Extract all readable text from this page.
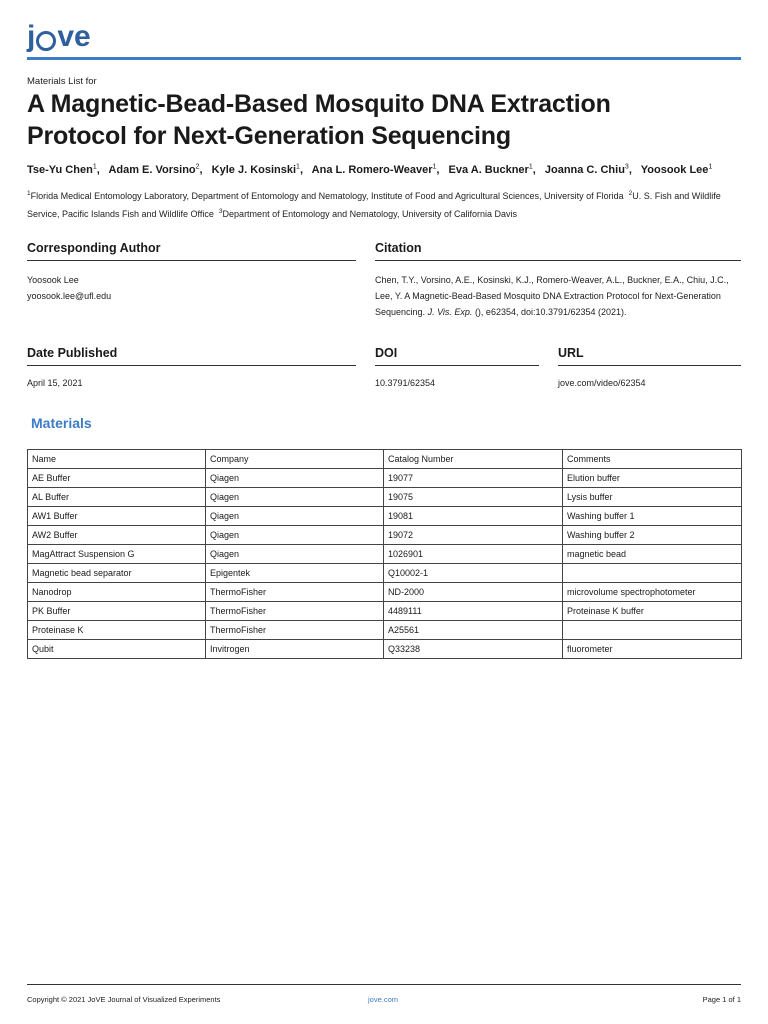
j ve
Materials List for
A Magnetic-Bead-Based Mosquito DNA Extraction
Protocol for Next-Generation Sequencing
Tse-Yu Chen$^1$, Adam E. Vorsino$^2$, Kyle J. Kosinski$^1$, Ana L. Romero-Weaver$^1$, Eva A. Buckner$^1$, Joanna C. Chiu$^3$, Yoosook Lee$^1$
$^1$Florida Medical Entomology Laboratory, Department of Entomology and Nematology, Institute of Food and Agricultural Sciences, University of Florida $^2$U. S. Fish and Wildlife Service, Pacific Islands Fish and Wildlife Office $^3$Department of Entomology and Nematology, University of California Davis
Corresponding Author
Yoosook Lee
yoosook.lee@ufl.edu
Citation
Chen, T.Y., Vorsino, A.E., Kosinski, K.J., Romero-Weaver, A.L., Buckner, E.A., Chiu, J.C., Lee, Y. A Magnetic-Bead-Based Mosquito DNA Extraction Protocol for Next-Generation Sequencing. J. Vis. Exp. (), e62354, doi:10.3791/62354 (2021).
Date Published
April 15, 2021
DOI
10.3791/62354
URL
jove.com/video/62354
Materials
Name	Company	Catalog Number	Comments
AE Buffer	Qiagen	19077	Elution buffer
AL Buffer	Qiagen	19075	Lysis buffer
AW1 Buffer	Qiagen	19081	Washing buffer 1
AW2 Buffer	Qiagen	19072	Washing buffer 2
MagAttract Suspension G	Qiagen	1026901	magnetic bead
Magnetic bead separator	Epigentek	Q10002-1	
Nanodrop	ThermoFisher	ND-2000	microvolume spectrophotometer
PK Buffer	ThermoFisher	4489111	Proteinase K buffer
Proteinase K	ThermoFisher	A25561	
Qubit	Invitrogen	Q33238	fluorometer
Copyright © 2021 JoVE Journal of Visualized Experiments	jove.com	Page 1 of 1
